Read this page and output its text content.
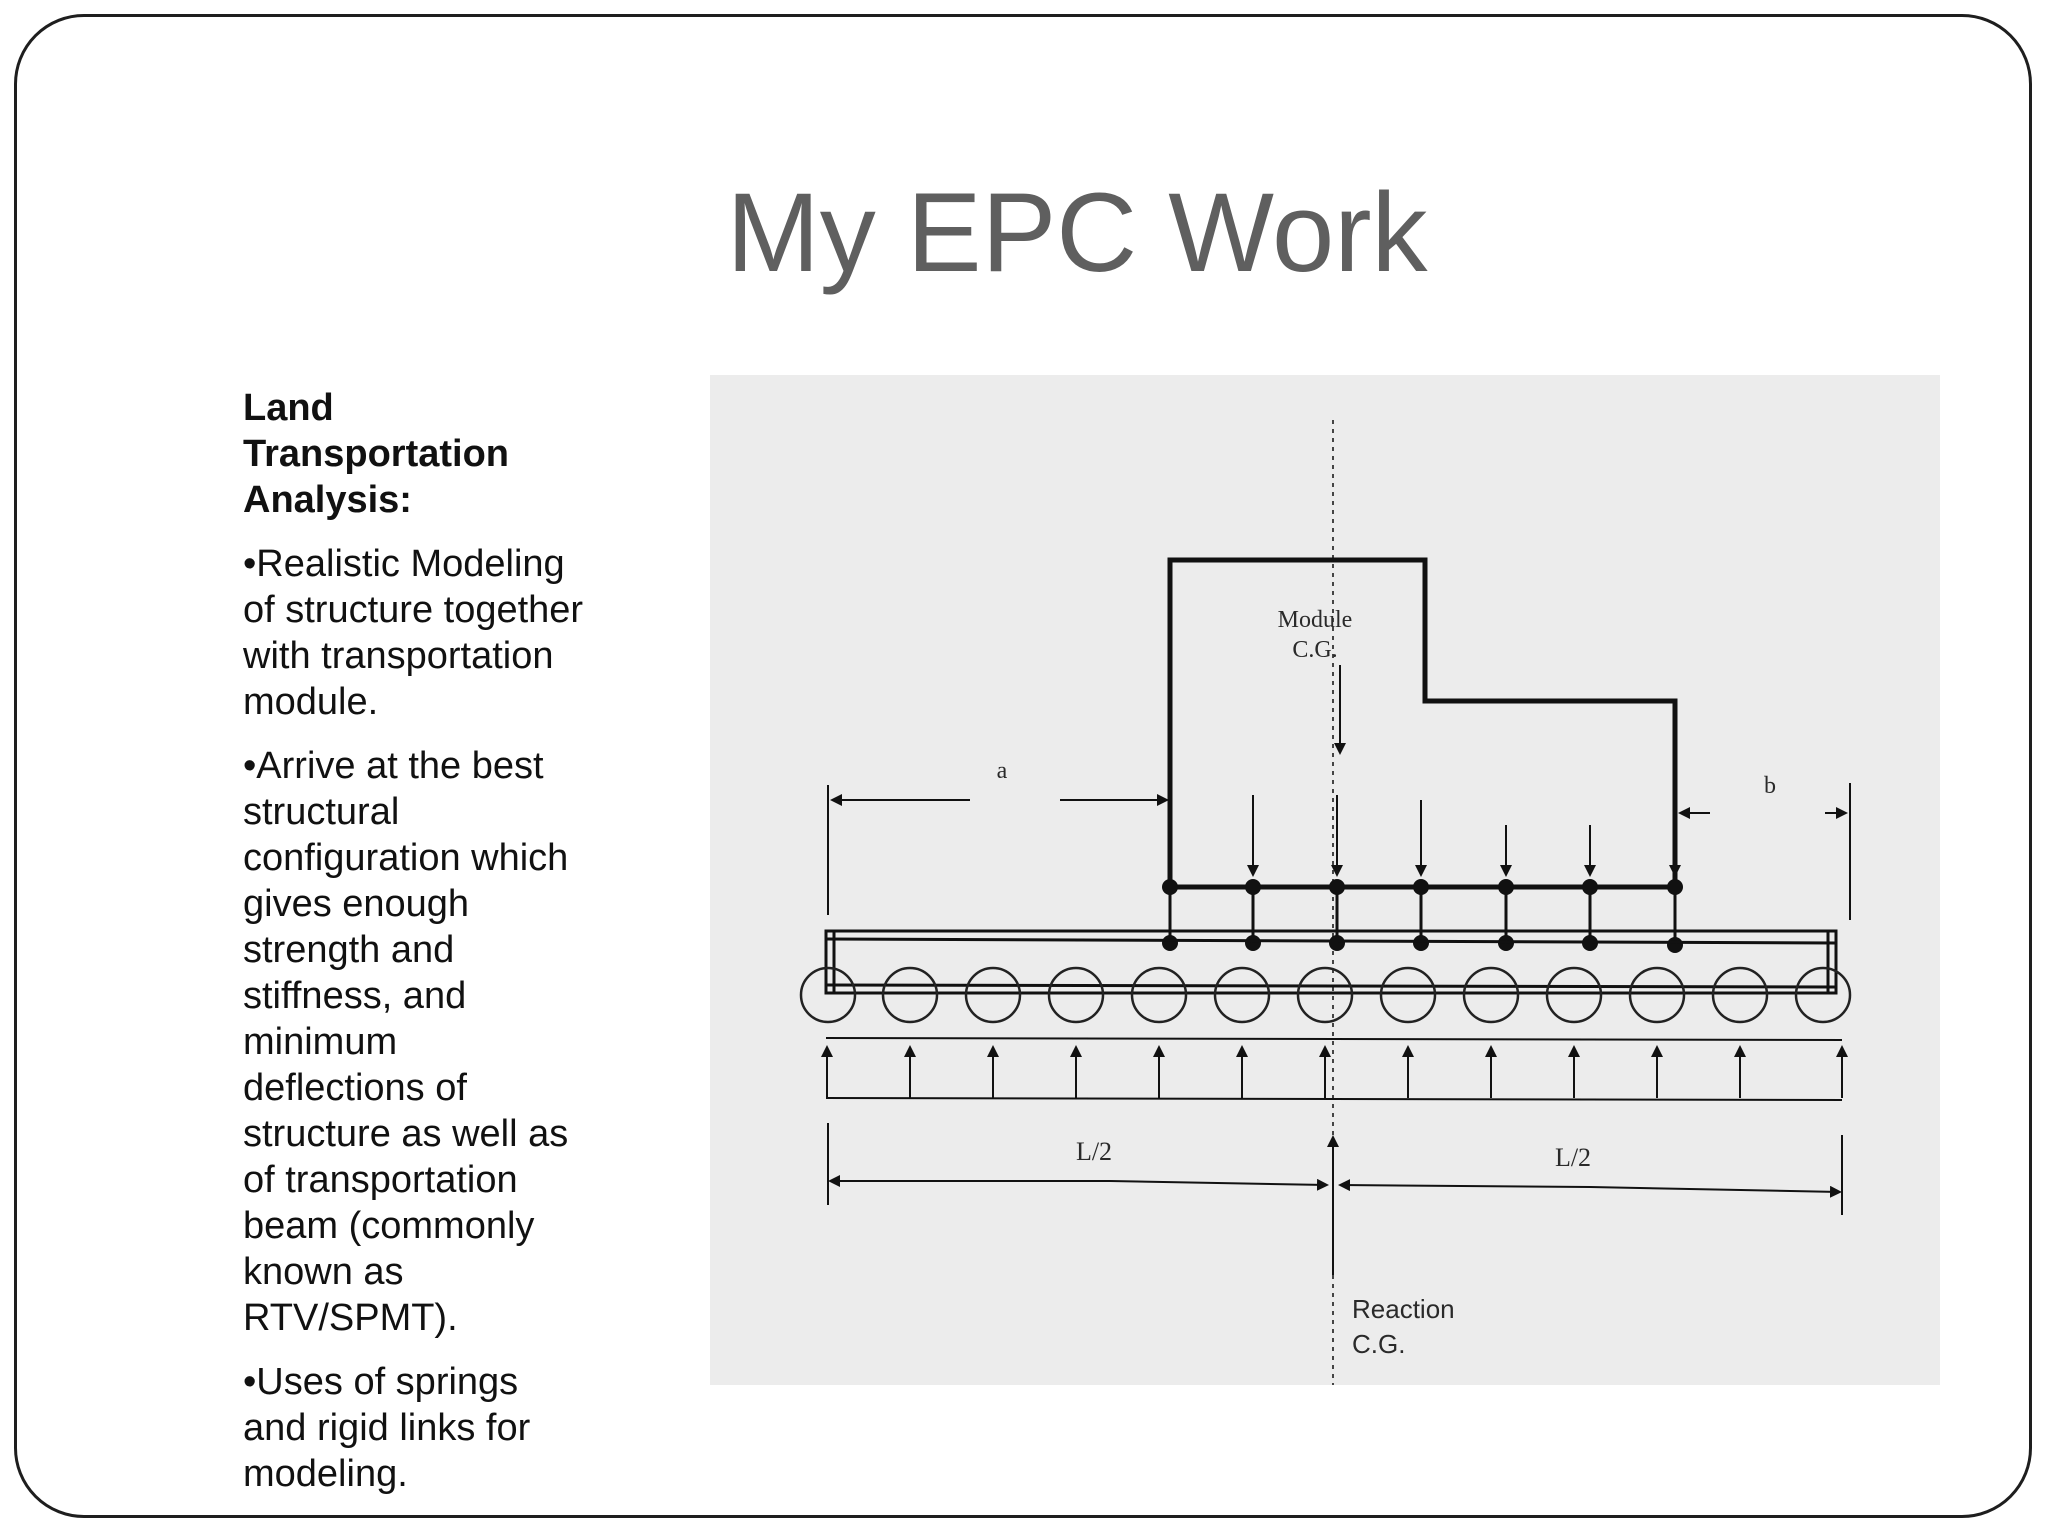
My EPC Work

Land
Transportation
Analysis:

•Realistic Modeling
of structure together
with transportation
module.

•Arrive at the best
structural
configuration which
gives enough
strength and
stiffness, and
minimum
deflections of
structure as well as
of transportation
beam (commonly
known as
RTV/SPMT).

•Uses of springs
and rigid links for
modeling.

Module
C.G.
a
b
L/2	L/2
Reaction
C.G.
